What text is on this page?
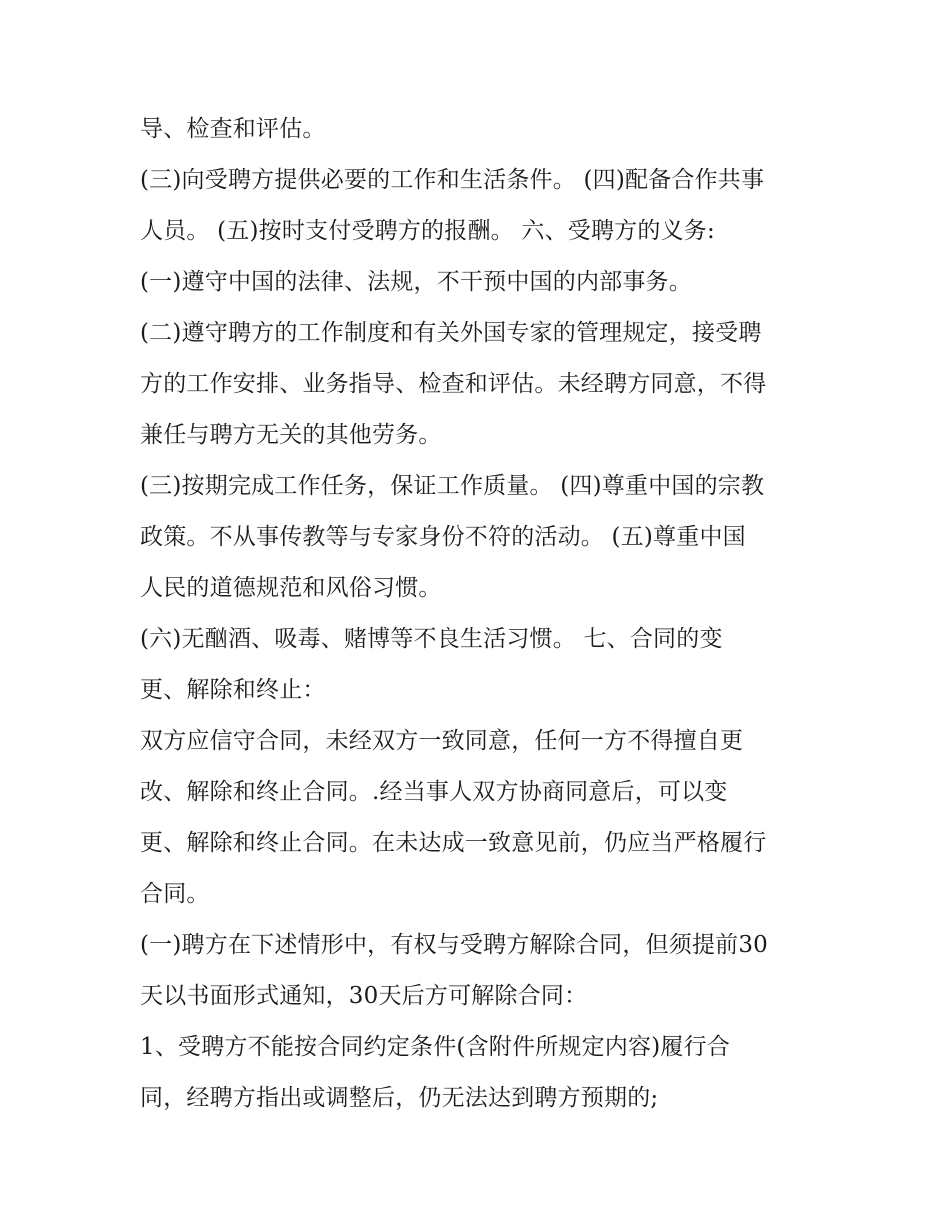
导、检查和评估。
(三)向受聘方提供必要的工作和生活条件。 (四)配备合作共事
人员。 (五)按时支付受聘方的报酬。 六、受聘方的义务:
(一)遵守中国的法律、法规，不干预中国的内部事务。
(二)遵守聘方的工作制度和有关外国专家的管理规定，接受聘
方的工作安排、业务指导、检查和评估。未经聘方同意，不得
兼任与聘方无关的其他劳务。
(三)按期完成工作任务，保证工作质量。 (四)尊重中国的宗教
政策。不从事传教等与专家身份不符的活动。 (五)尊重中国
人民的道德规范和风俗习惯。
(六)无酗酒、吸毒、赌博等不良生活习惯。 七、合同的变
更、解除和终止：
双方应信守合同，未经双方一致同意，任何一方不得擅自更
改、解除和终止合同。.经当事人双方协商同意后，可以变
更、解除和终止合同。在未达成一致意见前，仍应当严格履行
合同。
(一)聘方在下述情形中，有权与受聘方解除合同，但须提前30
天以书面形式通知，30天后方可解除合同：
1、受聘方不能按合同约定条件(含附件所规定内容)履行合
同，经聘方指出或调整后，仍无法达到聘方预期的;
